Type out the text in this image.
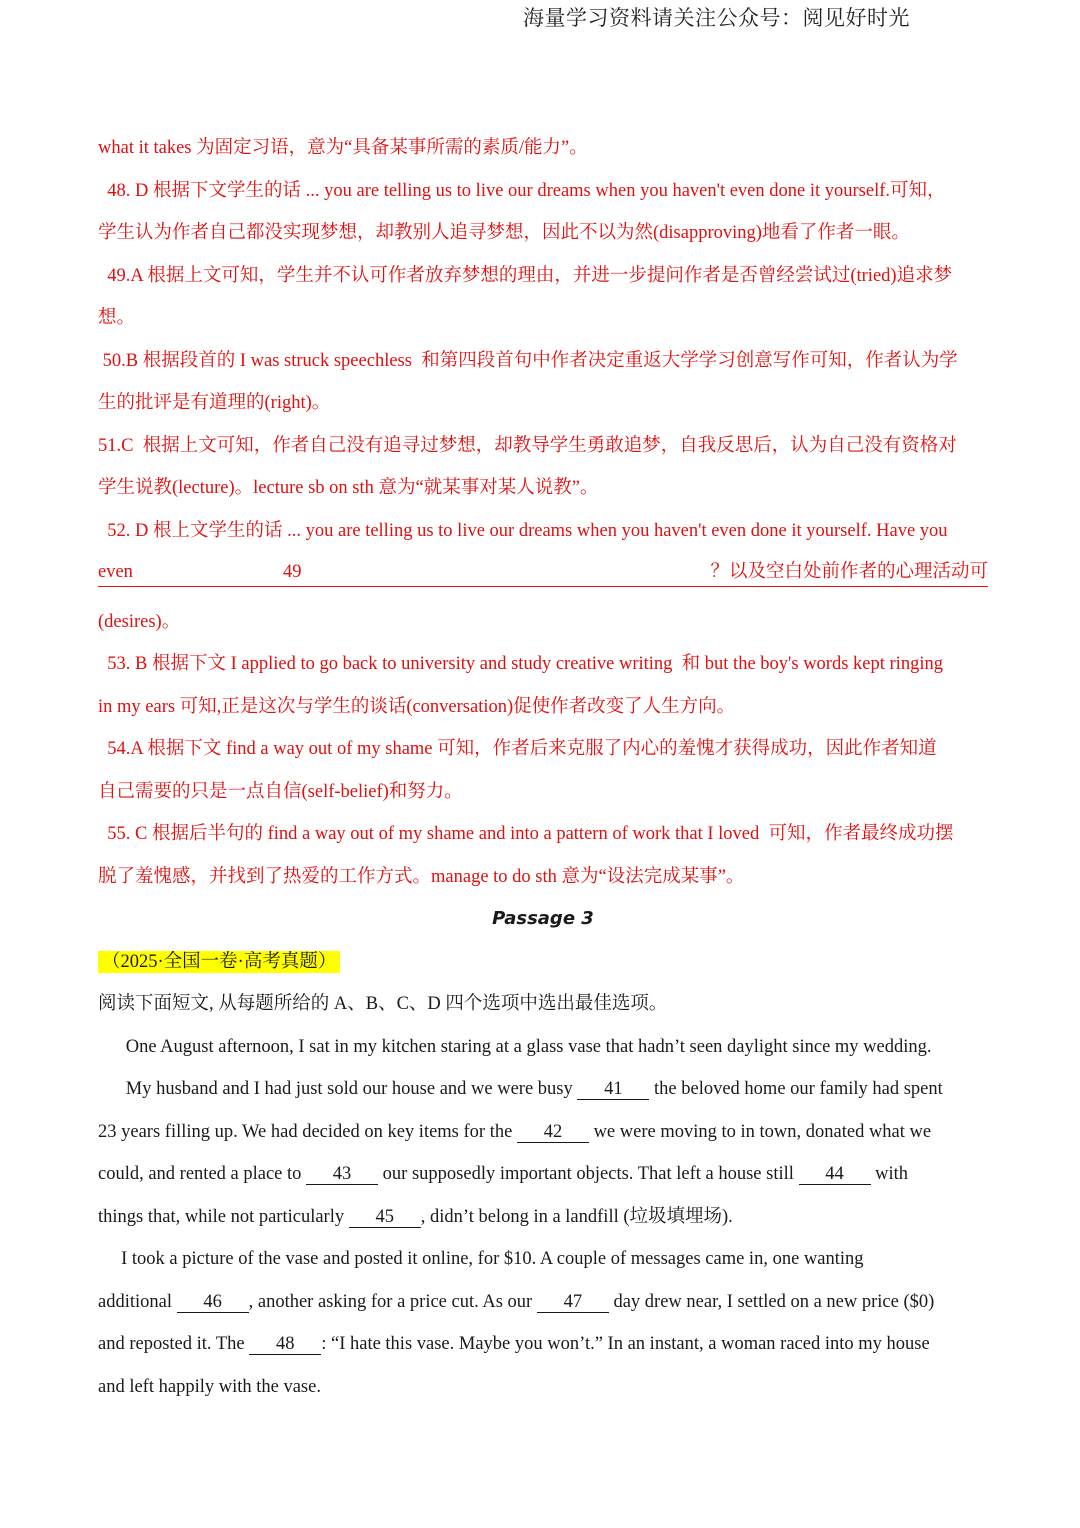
海量学习资料请关注公众号：阅见好时光
what it takes 为固定习语，意为“具备某事所需的素质/能力”。
48. D 根据下文学生的话 ... you are telling us to live our dreams when you haven't even done it yourself.可知，
学生认为作者自己都没实现梦想，却教别人追寻梦想，因此不以为然(disapproving)地看了作者一眼。
49.A 根据上文可知，学生并不认可作者放弃梦想的理由，并进一步提问作者是否曾经尝试过(tried)追求梦
想。
50.B 根据段首的 I was struck speechless  和第四段首句中作者决定重返大学学习创意写作可知，作者认为学
生的批评是有道理的(right)。
51.C  根据上文可知，作者自己没有追寻过梦想，却教导学生勇敢追梦，自我反思后，认为自己没有资格对
学生说教(lecture)。lecture sb on sth 意为“就某事对某人说教”。
52. D 根上文学生的话 ... you are telling us to live our dreams when you haven't even done it yourself. Have you
even	49	？以及空白处前作者的心理活动可
(desires)。
53. B 根据下文 I applied to go back to university and study creative writing  和 but the boy's words kept ringing
in my ears 可知,正是这次与学生的谈话(conversation)促使作者改变了人生方向。
54.A 根据下文 find a way out of my shame 可知，作者后来克服了内心的羞愧才获得成功，因此作者知道
自己需要的只是一点自信(self-belief)和努力。
55. C 根据后半句的 find a way out of my shame and into a pattern of work that I loved  可知，作者最终成功摆
脱了羞愧感，并找到了热爱的工作方式。manage to do sth 意为“设法完成某事”。
Passage 3
（2025·全国一卷·高考真题）
阅读下面短文, 从每题所给的 A、B、C、D 四个选项中选出最佳选项。
One August afternoon, I sat in my kitchen staring at a glass vase that hadn’t seen daylight since my wedding.
My husband and I had just sold our house and we were busy 41 the beloved home our family had spent
23 years filling up. We had decided on key items for the 42 we were moving to in town, donated what we
could, and rented a place to 43 our supposedly important objects. That left a house still 44 with
things that, while not particularly 45 , didn’t belong in a landfill (垃圾填埋场).
I took a picture of the vase and posted it online, for $10. A couple of messages came in, one wanting
additional 46 , another asking for a price cut. As our 47 day drew near, I settled on a new price ($0)
and reposted it. The 48 : “I hate this vase. Maybe you won’t.” In an instant, a woman raced into my house
and left happily with the vase.
